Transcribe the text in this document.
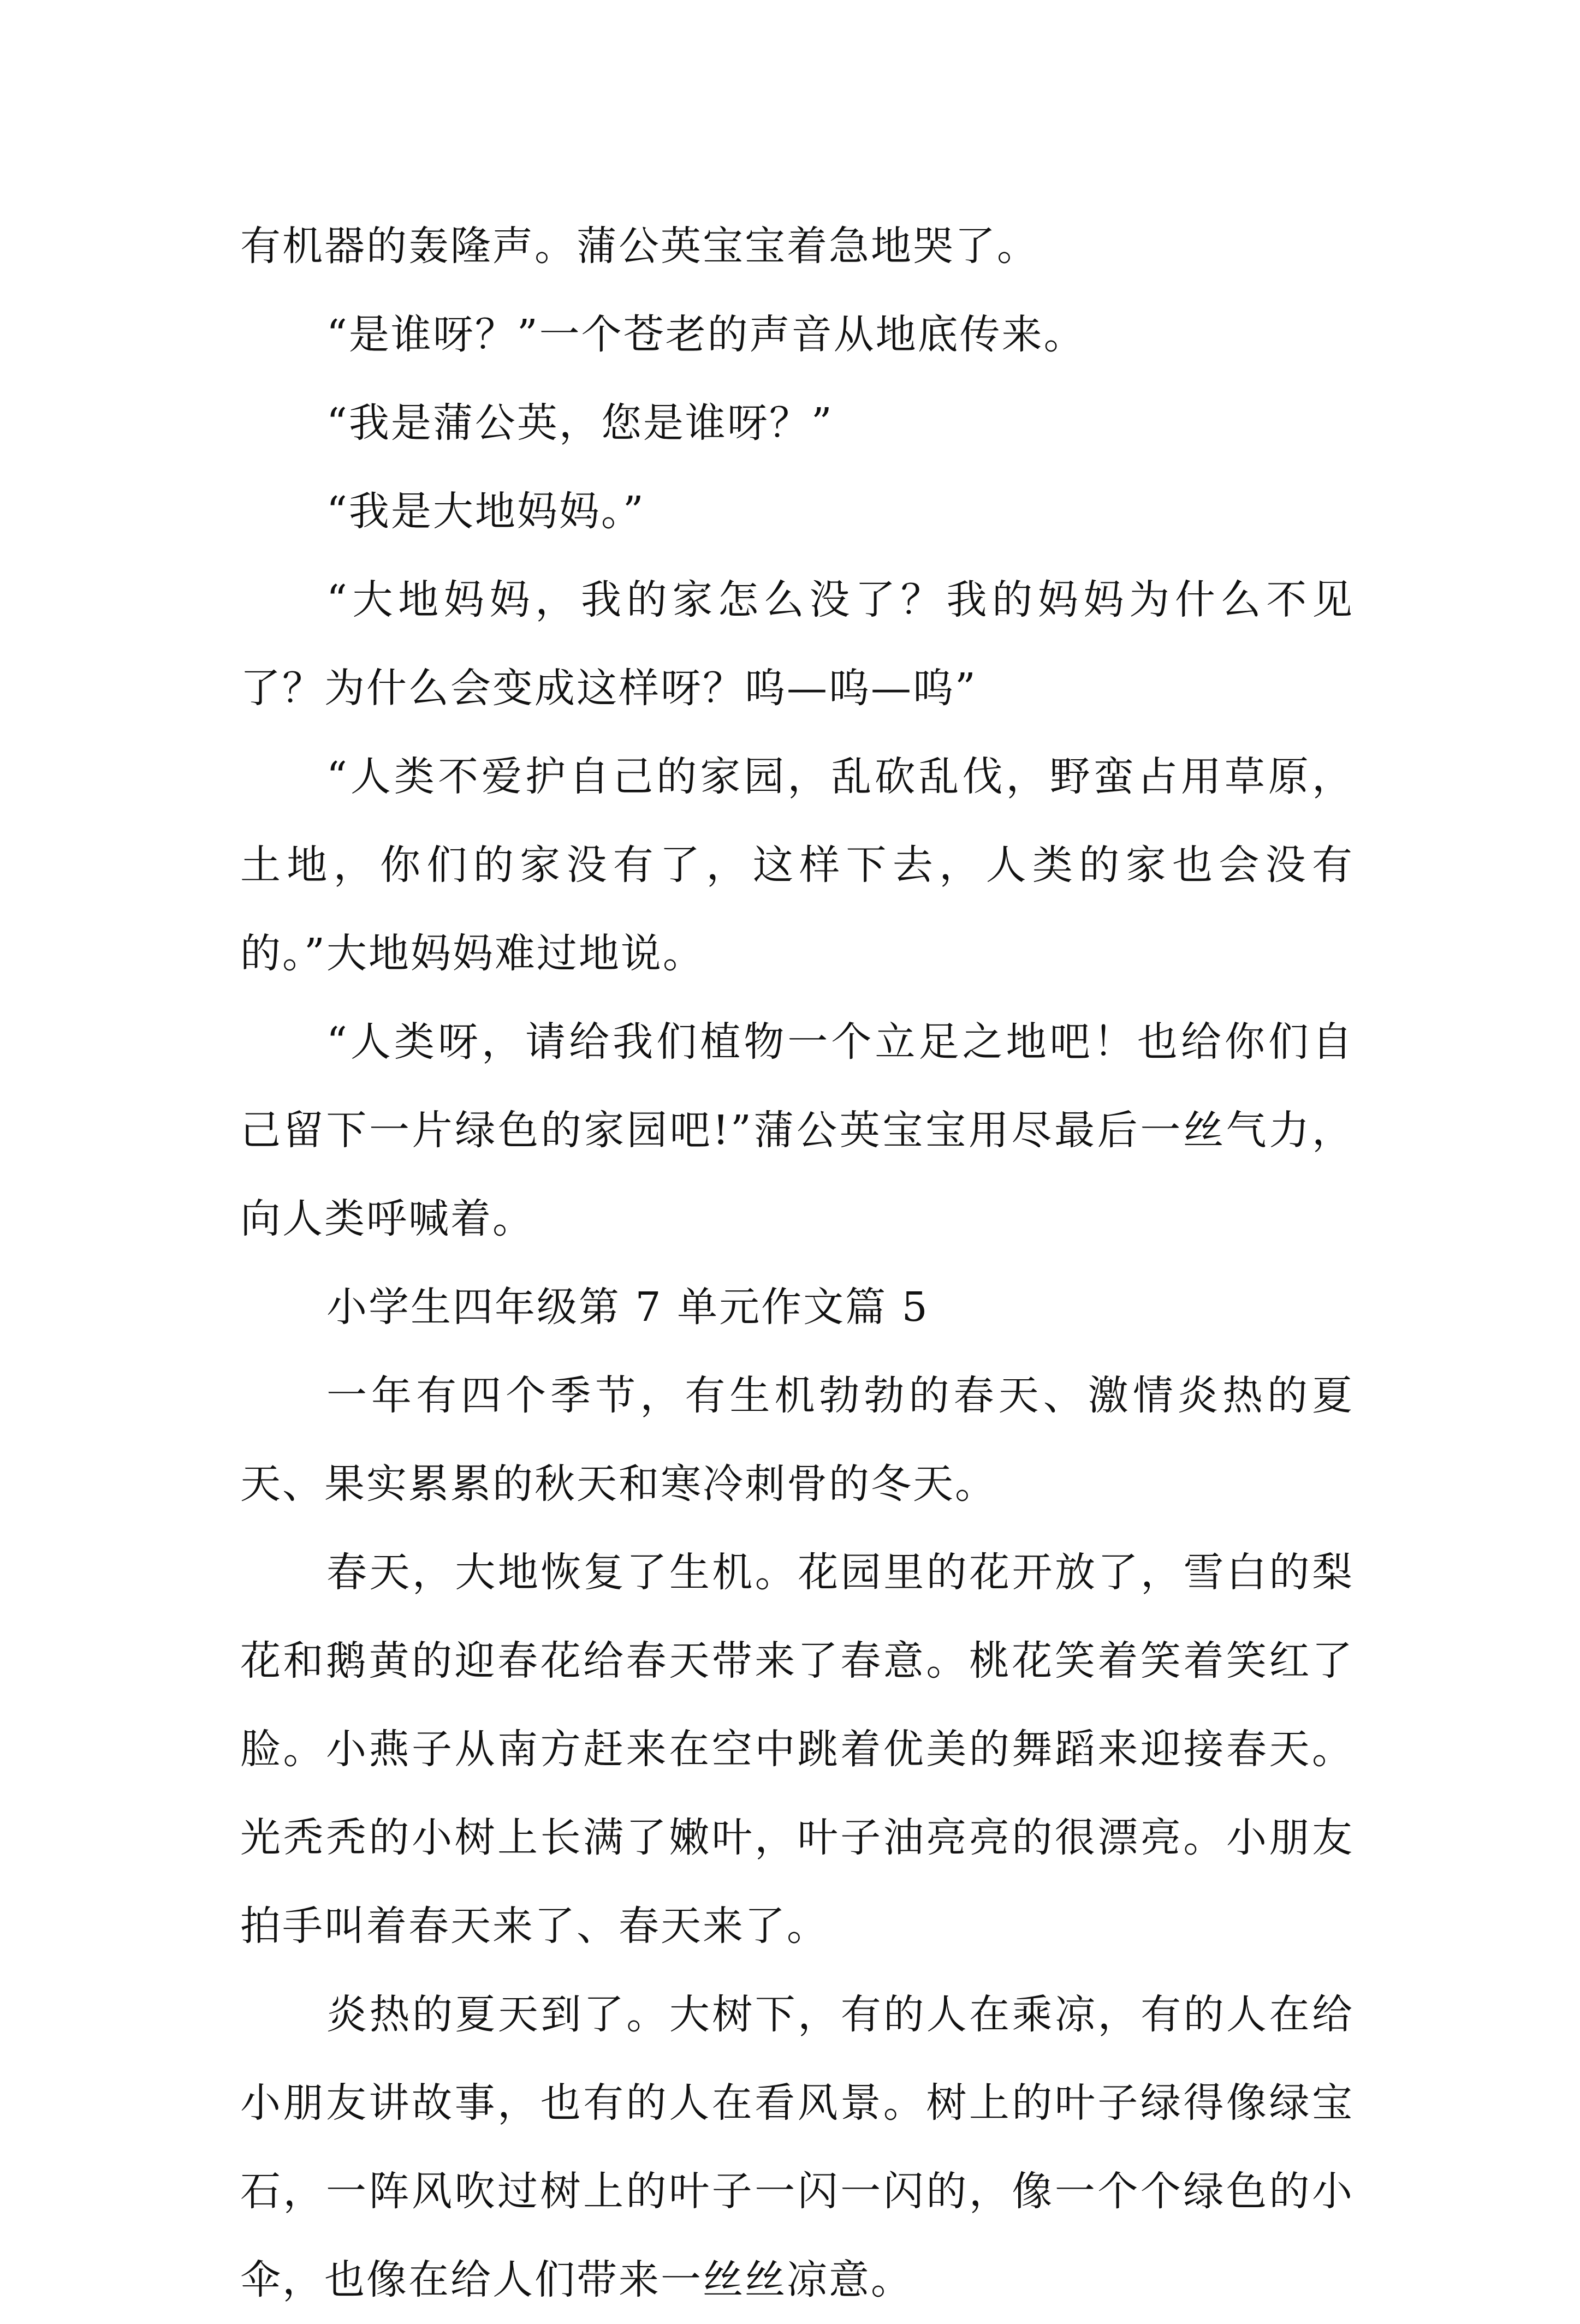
有机器的轰隆声。蒲公英宝宝着急地哭了。

“是谁呀？”一个苍老的声音从地底传来。

“我是蒲公英，您是谁呀？”

“我是大地妈妈。”

“大地妈妈，我的家怎么没了？我的妈妈为什么不见了？为什么会变成这样呀？呜—呜—呜”

“人类不爱护自己的家园，乱砍乱伐，野蛮占用草原，土地，你们的家没有了，这样下去，人类的家也会没有的。”大地妈妈难过地说。

“人类呀，请给我们植物一个立足之地吧！也给你们自己留下一片绿色的家园吧!”蒲公英宝宝用尽最后一丝气力，向人类呼喊着。

小学生四年级第 7 单元作文篇 5

一年有四个季节，有生机勃勃的春天、激情炎热的夏天、果实累累的秋天和寒冷刺骨的冬天。

春天，大地恢复了生机。花园里的花开放了，雪白的梨花和鹅黄的迎春花给春天带来了春意。桃花笑着笑着笑红了脸。小燕子从南方赶来在空中跳着优美的舞蹈来迎接春天。光秃秃的小树上长满了嫩叶，叶子油亮亮的很漂亮。小朋友拍手叫着春天来了、春天来了。

炎热的夏天到了。大树下，有的人在乘凉，有的人在给小朋友讲故事，也有的人在看风景。树上的叶子绿得像绿宝石，一阵风吹过树上的叶子一闪一闪的，像一个个绿色的小伞，也像在给人们带来一丝丝凉意。
